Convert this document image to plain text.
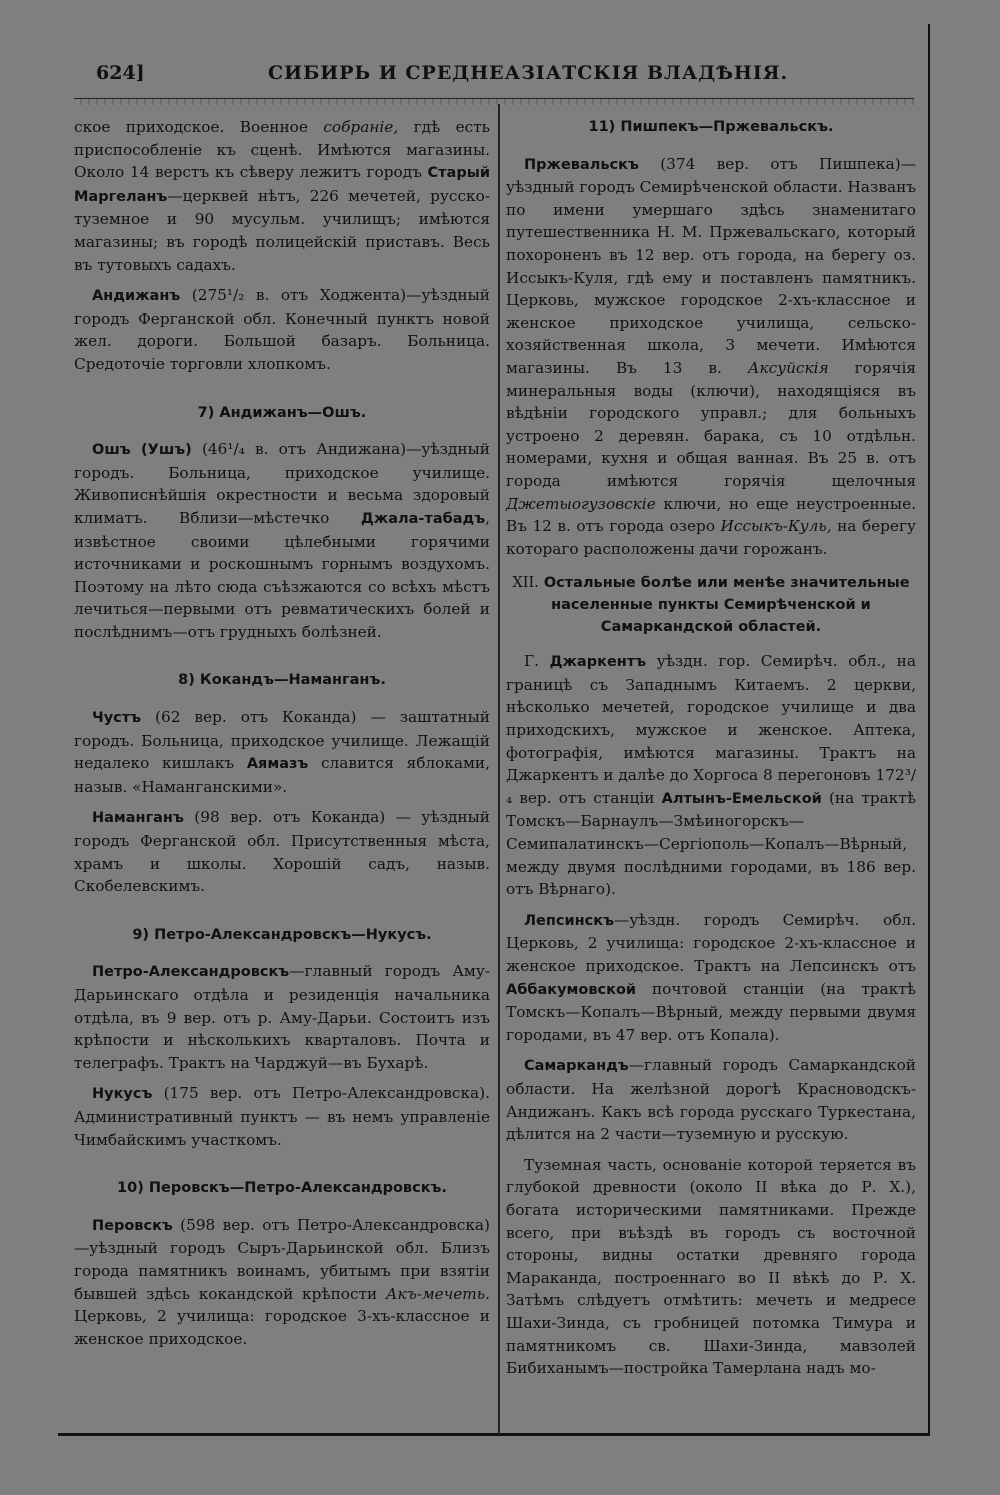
624]	СИБИРЬ И СРЕДНЕАЗІАТСКІЯ ВЛАДѢНІЯ.

ское приходское. Военное собраніе, гдѣ есть приспособленіе къ сценѣ. Имѣются магазины. Около 14 верстъ къ сѣверу лежитъ городъ Старый Маргеланъ—церквей нѣтъ, 226 мечетей, русско-туземное и 90 мусульм. училищъ; имѣются магазины; въ городѣ полицейскій приставъ. Весь въ тутовыхъ садахъ.

Андижанъ (275¹/₂ в. отъ Ходжента)—уѣздный городъ Ферганской обл. Конечный пунктъ новой жел. дороги. Большой базаръ. Больница. Средоточіе торговли хлопкомъ.

7) Андижанъ—Ошъ.

Ошъ (Ушъ) (46¹/₄ в. отъ Андижана)—уѣздный городъ. Больница, приходское училище. Живописнѣйшія окрестности и весьма здоровый климатъ. Вблизи—мѣстечко Джала-табадъ, извѣстное своими цѣлебными горячими источниками и роскошнымъ горнымъ воздухомъ. Поэтому на лѣто сюда съѣзжаются со всѣхъ мѣстъ лечиться—первыми отъ ревматическихъ болей и послѣднимъ—отъ грудныхъ болѣзней.

8) Кокандъ—Наманганъ.

Чустъ (62 вер. отъ Коканда) — заштатный городъ. Больница, приходское училище. Лежащій недалеко кишлакъ Аямазъ славится яблоками, назыв. «Наманганскими».

Наманганъ (98 вер. отъ Коканда) — уѣздный городъ Ферганской обл. Присутственныя мѣста, храмъ и школы. Хорошій садъ, назыв. Скобелевскимъ.

9) Петро-Александровскъ—Нукусъ.

Петро-Александровскъ—главный городъ Аму-Дарьинскаго отдѣла и резиденція начальника отдѣла, въ 9 вер. отъ р. Аму-Дарьи. Состоитъ изъ крѣпости и нѣсколькихъ кварталовъ. Почта и телеграфъ. Трактъ на Чарджуй—въ Бухарѣ.

Нукусъ (175 вер. отъ Петро-Александровска). Административный пунктъ — въ немъ управленіе Чимбайскимъ участкомъ.

10) Перовскъ—Петро-Александровскъ.

Перовскъ (598 вер. отъ Петро-Александровска)—уѣздный городъ Сыръ-Дарьинской обл. Близъ города памятникъ воинамъ, убитымъ при взятіи бывшей здѣсь кокандской крѣпости Акъ-мечеть. Церковь, 2 училища: городское 3-хъ-классное и женское приходское.

11) Пишпекъ—Пржевальскъ.

Пржевальскъ (374 вер. отъ Пишпека)—уѣздный городъ Семирѣченской области. Названъ по имени умершаго здѣсь знаменитаго путешественника Н. М. Пржевальскаго, который похороненъ въ 12 вер. отъ города, на берегу оз. Иссыкъ-Куля, гдѣ ему и поставленъ памятникъ. Церковь, мужское городское 2-хъ-классное и женское приходское училища, сельско-хозяйственная школа, 3 мечети. Имѣются магазины. Въ 13 в. Аксуйскія горячія минеральныя воды (ключи), находящіяся въ вѣдѣніи городского управл.; для больныхъ устроено 2 деревян. барака, съ 10 отдѣльн. номерами, кухня и общая ванная. Въ 25 в. отъ города имѣются горячія щелочныя Джетыогузовскіе ключи, но еще неустроенные. Въ 12 в. отъ города озеро Иссыкъ-Куль, на берегу котораго расположены дачи горожанъ.

XII. Остальные болѣе или менѣе значительные населенные пункты Семирѣченской и Самаркандской областей.

Г. Джаркентъ уѣздн. гор. Семирѣч. обл., на границѣ съ Западнымъ Китаемъ. 2 церкви, нѣсколько мечетей, городское училище и два приходскихъ, мужское и женское. Аптека, фотографія, имѣются магазины. Трактъ на Джаркентъ и далѣе до Хоргоса 8 перегоновъ 172³/₄ вер. отъ станціи Алтынъ-Емельской (на трактѣ Томскъ—Барнаулъ—Змѣиногорскъ—Семипалатинскъ—Сергіополь—Копалъ—Вѣрный, между двумя послѣдними городами, въ 186 вер. отъ Вѣрнаго).

Лепсинскъ—уѣздн. городъ Семирѣч. обл. Церковь, 2 училища: городское 2-хъ-классное и женское приходское. Трактъ на Лепсинскъ отъ Аббакумовской почтовой станціи (на трактѣ Томскъ—Копалъ—Вѣрный, между первыми двумя городами, въ 47 вер. отъ Копала).

Самаркандъ—главный городъ Самаркандской области. На желѣзной дорогѣ Красноводскъ-Андижанъ. Какъ всѣ города русскаго Туркестана, дѣлится на 2 части—туземную и русскую.

Туземная часть, основаніе которой теряется въ глубокой древности (около II вѣка до Р. Х.), богата историческими памятниками. Прежде всего, при въѣздѣ въ городъ съ восточной стороны, видны остатки древняго города Мараканда, построеннаго во II вѣкѣ до Р. Х. Затѣмъ слѣдуетъ отмѣтить: мечеть и медресе Шахи-Зинда, съ гробницей потомка Тимура и памятникомъ св. Шахи-Зинда, мавзолей Бибиханымъ—постройка Тамерлана надъ мо-
